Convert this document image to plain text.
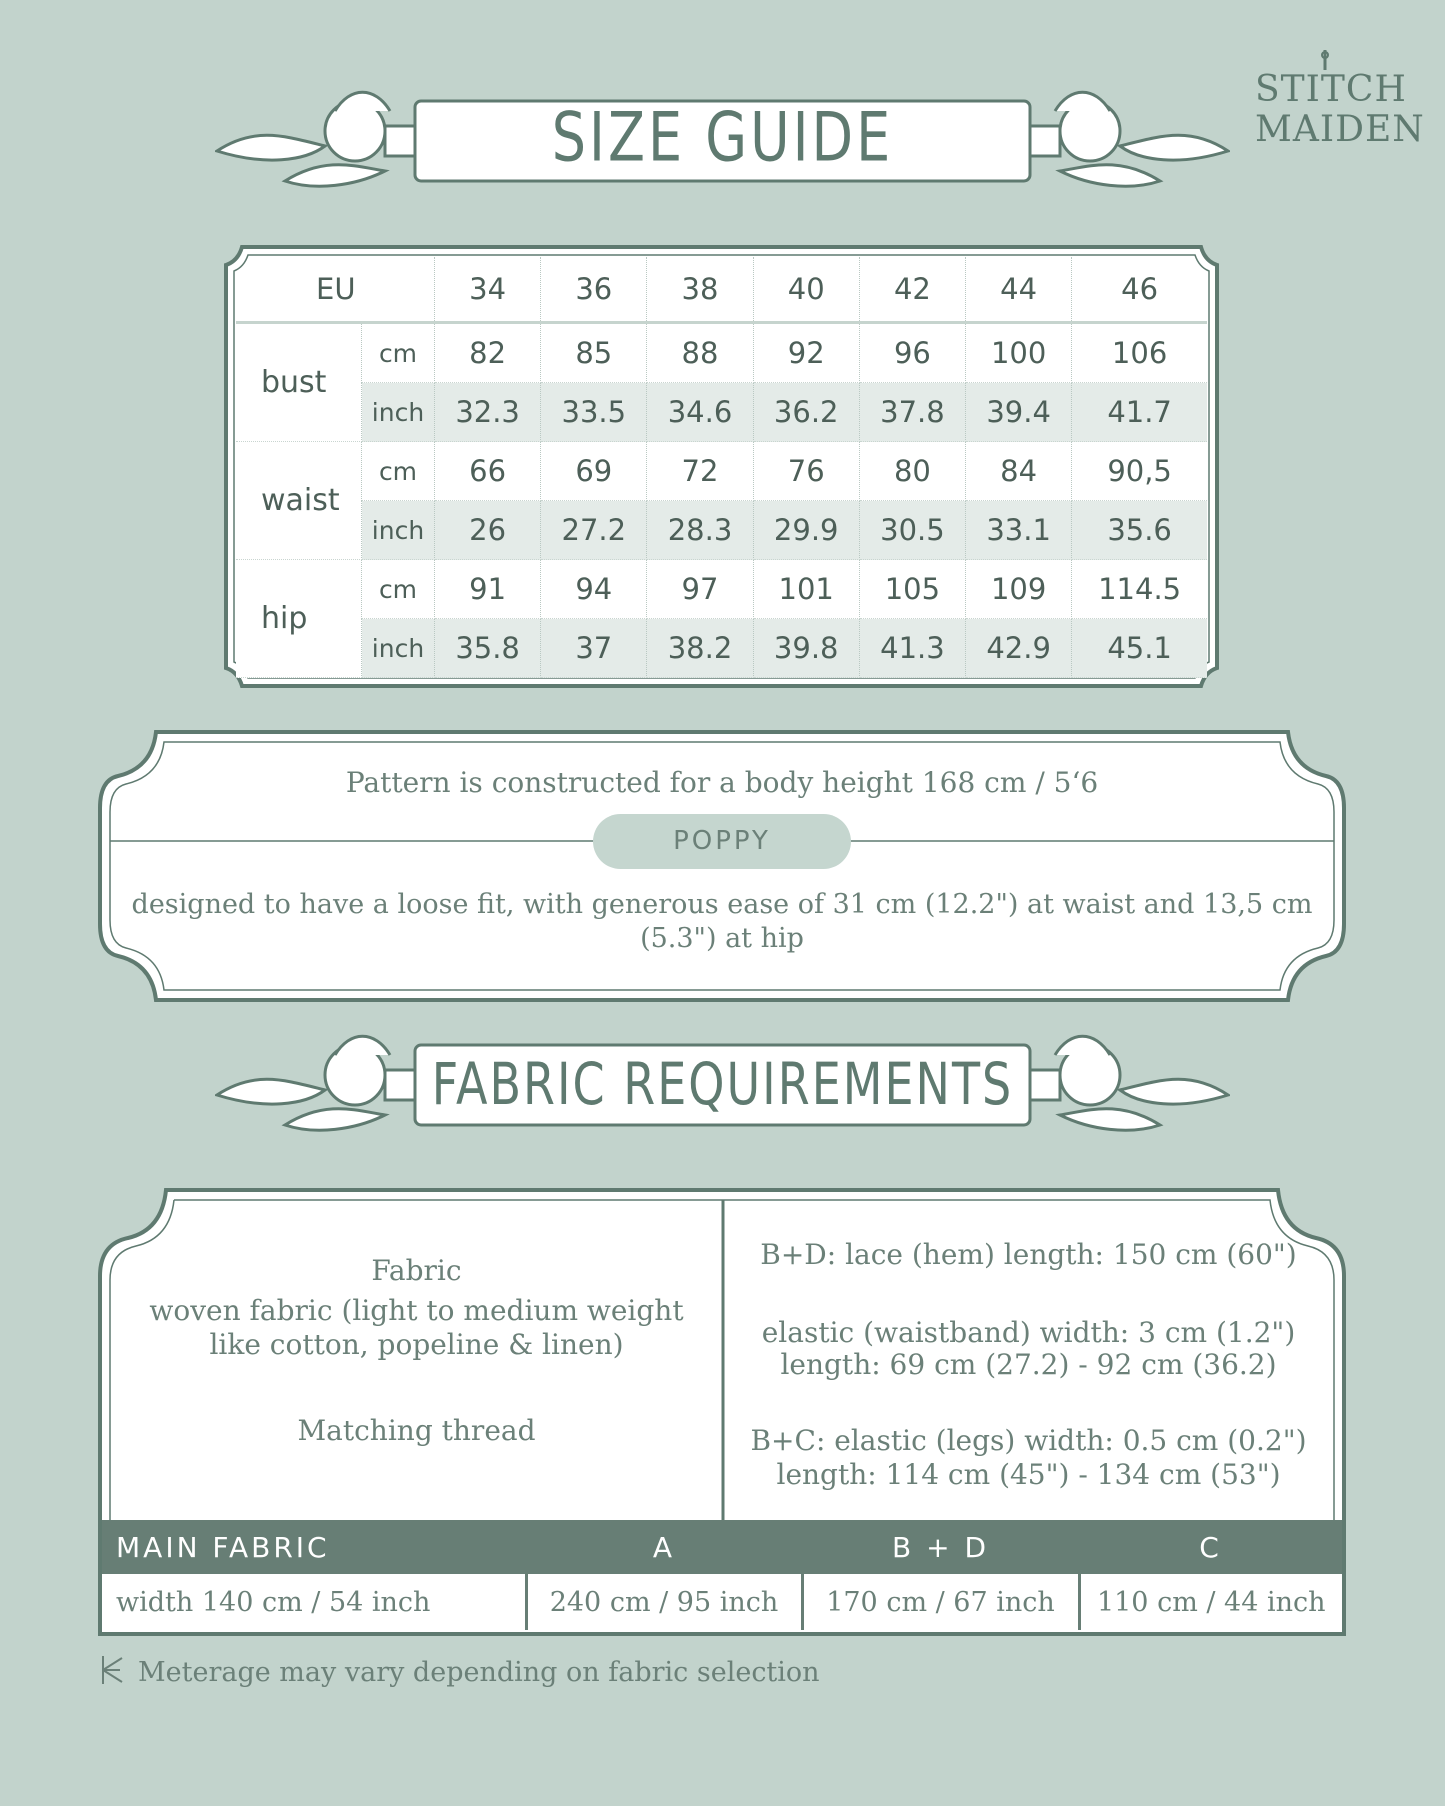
STITCH
MAIDEN
SIZE GUIDE
EU		34	36	38	40	42	44	46
bust	cm	82	85	88	92	96	100	106
	inch	32.3	33.5	34.6	36.2	37.8	39.4	41.7
waist	cm	66	69	72	76	80	84	90,5
	inch	26	27.2	28.3	29.9	30.5	33.1	35.6
hip	cm	91	94	97	101	105	109	114.5
	inch	35.8	37	38.2	39.8	41.3	42.9	45.1
Pattern is constructed for a body height 168 cm / 5‘6
POPPY
designed to have a loose fit, with generous ease of 31 cm (12.2") at waist and 13,5 cm
(5.3") at hip
FABRIC REQUIREMENTS
Fabric
woven fabric (light to medium weight
like cotton, popeline & linen)
Matching thread
B+D: lace (hem) length: 150 cm (60")
elastic (waistband) width: 3 cm (1.2")
length: 69 cm (27.2) - 92 cm (36.2)
B+C: elastic (legs) width: 0.5 cm (0.2")
length: 114 cm (45") - 134 cm (53")
MAIN FABRIC	A	B + D	C
width 140 cm / 54 inch	240 cm / 95 inch	170 cm / 67 inch	110 cm / 44 inch
Meterage may vary depending on fabric selection
